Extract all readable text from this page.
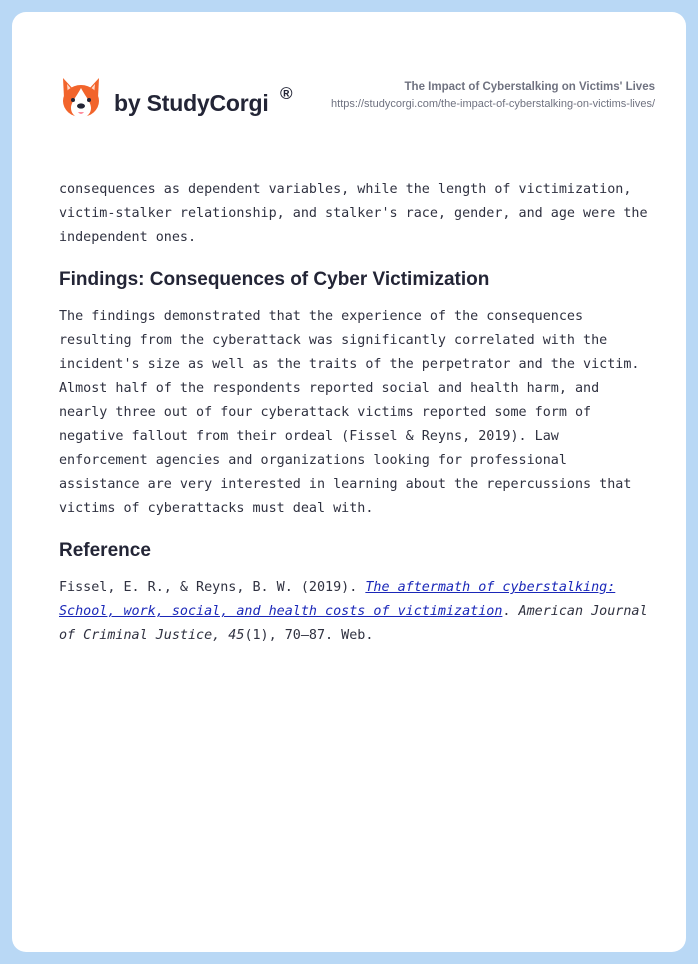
by StudyCorgi ®	The Impact of Cyberstalking on Victims' Lives
https://studycorgi.com/the-impact-of-cyberstalking-on-victims-lives/

consequences as dependent variables, while the length of victimization, victim-stalker relationship, and stalker's race, gender, and age were the independent ones.

Findings: Consequences of Cyber Victimization

The findings demonstrated that the experience of the consequences resulting from the cyberattack was significantly correlated with the incident's size as well as the traits of the perpetrator and the victim. Almost half of the respondents reported social and health harm, and nearly three out of four cyberattack victims reported some form of negative fallout from their ordeal (Fissel & Reyns, 2019). Law enforcement agencies and organizations looking for professional assistance are very interested in learning about the repercussions that victims of cyberattacks must deal with.

Reference

Fissel, E. R., & Reyns, B. W. (2019). The aftermath of cyberstalking: School, work, social, and health costs of victimization. American Journal of Criminal Justice, 45(1), 70–87. Web.
